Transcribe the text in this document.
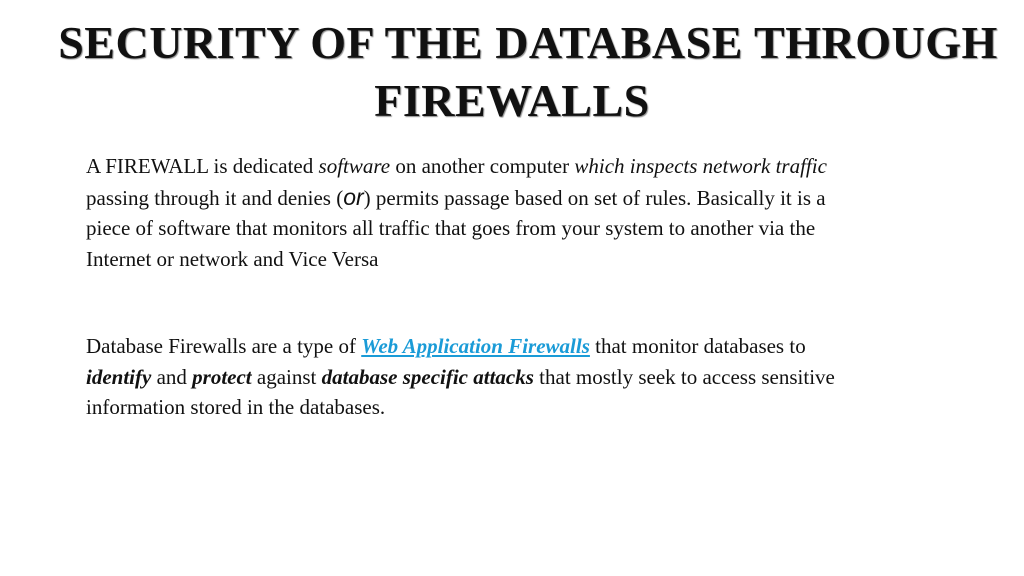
SECURITY OF THE DATABASE THROUGH
FIREWALLS

A FIREWALL is dedicated software on another computer which inspects network traffic passing through it and denies (or) permits passage based on set of rules. Basically it is a piece of software that monitors all traffic that goes from your system to another via the Internet or network and Vice Versa

Database Firewalls are a type of Web Application Firewalls that monitor databases to identify and protect against database specific attacks that mostly seek to access sensitive information stored in the databases.
